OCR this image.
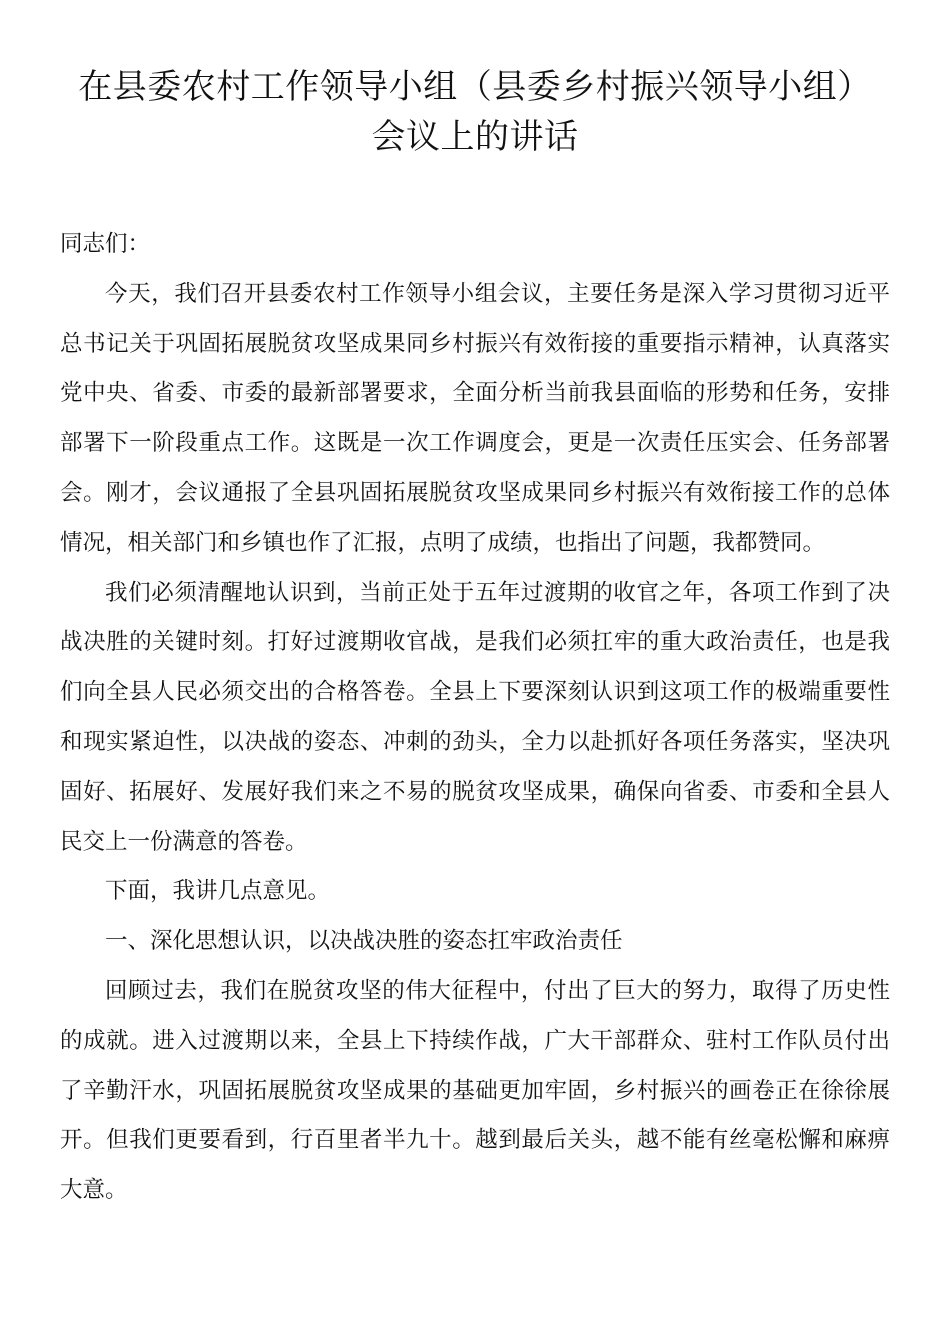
在县委农村工作领导小组（县委乡村振兴领导小组）
会议上的讲话

同志们：

今天，我们召开县委农村工作领导小组会议，主要任务是深入学习贯彻习近平总书记关于巩固拓展脱贫攻坚成果同乡村振兴有效衔接的重要指示精神，认真落实党中央、省委、市委的最新部署要求，全面分析当前我县面临的形势和任务，安排部署下一阶段重点工作。这既是一次工作调度会，更是一次责任压实会、任务部署会。刚才，会议通报了全县巩固拓展脱贫攻坚成果同乡村振兴有效衔接工作的总体情况，相关部门和乡镇也作了汇报，点明了成绩，也指出了问题，我都赞同。

我们必须清醒地认识到，当前正处于五年过渡期的收官之年，各项工作到了决战决胜的关键时刻。打好过渡期收官战，是我们必须扛牢的重大政治责任，也是我们向全县人民必须交出的合格答卷。全县上下要深刻认识到这项工作的极端重要性和现实紧迫性，以决战的姿态、冲刺的劲头，全力以赴抓好各项任务落实，坚决巩固好、拓展好、发展好我们来之不易的脱贫攻坚成果，确保向省委、市委和全县人民交上一份满意的答卷。

下面，我讲几点意见。

一、深化思想认识，以决战决胜的姿态扛牢政治责任

回顾过去，我们在脱贫攻坚的伟大征程中，付出了巨大的努力，取得了历史性的成就。进入过渡期以来，全县上下持续作战，广大干部群众、驻村工作队员付出了辛勤汗水，巩固拓展脱贫攻坚成果的基础更加牢固，乡村振兴的画卷正在徐徐展开。但我们更要看到，行百里者半九十。越到最后关头，越不能有丝毫松懈和麻痹大意。
